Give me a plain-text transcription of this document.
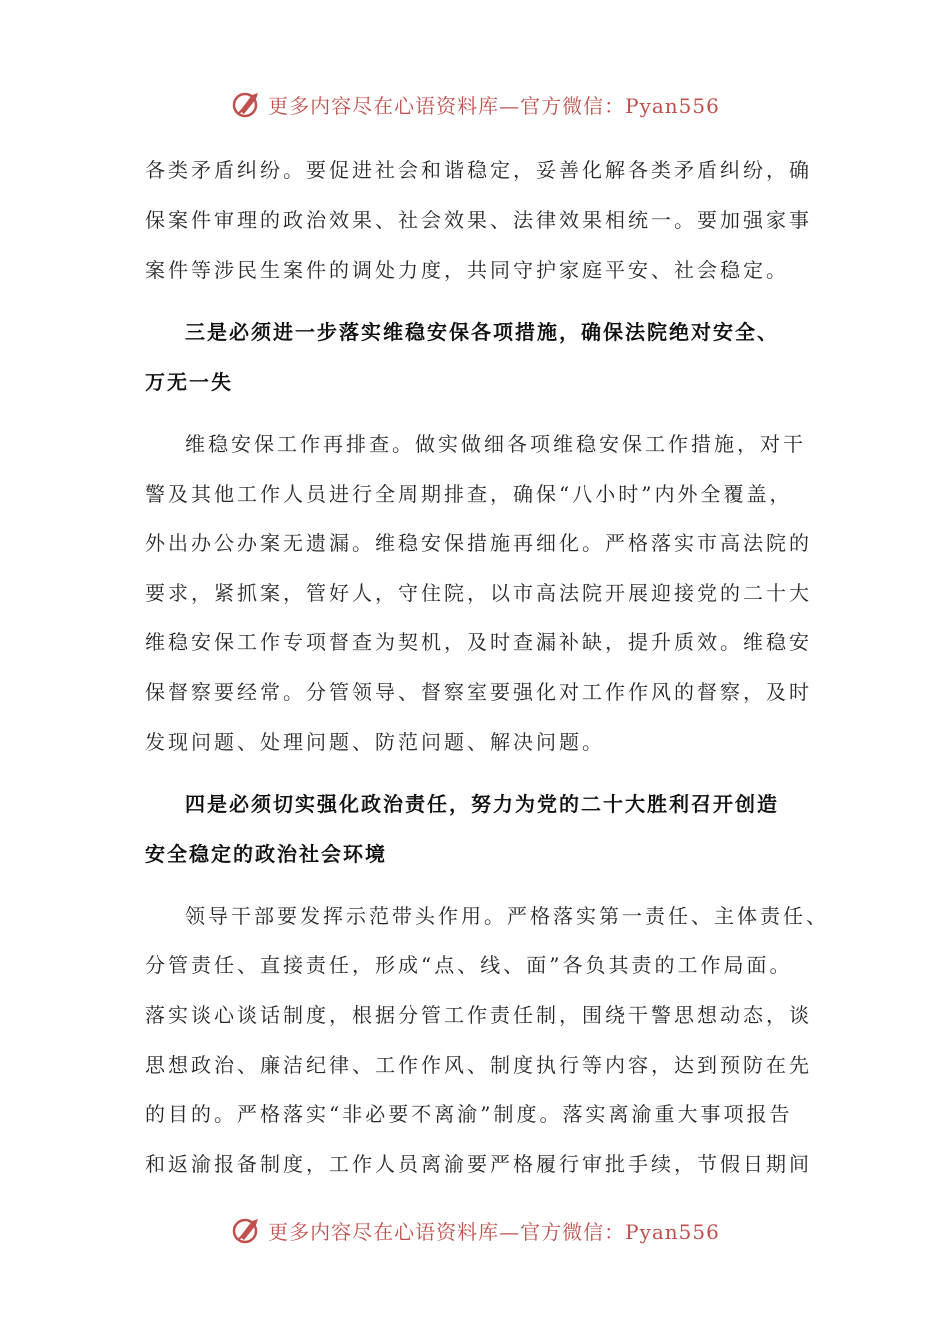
更多内容尽在心语资料库—官方微信：Pyan556
各类矛盾纠纷。要促进社会和谐稳定，妥善化解各类矛盾纠纷，确
保案件审理的政治效果、社会效果、法律效果相统一。要加强家事
案件等涉民生案件的调处力度，共同守护家庭平安、社会稳定。
三是必须进一步落实维稳安保各项措施，确保法院绝对安全、
万无一失
维稳安保工作再排查。做实做细各项维稳安保工作措施，对干
警及其他工作人员进行全周期排查，确保“八小时”内外全覆盖，
外出办公办案无遗漏。维稳安保措施再细化。严格落实市高法院的
要求，紧抓案，管好人，守住院，以市高法院开展迎接党的二十大
维稳安保工作专项督查为契机，及时查漏补缺，提升质效。维稳安
保督察要经常。分管领导、督察室要强化对工作作风的督察，及时
发现问题、处理问题、防范问题、解决问题。
四是必须切实强化政治责任，努力为党的二十大胜利召开创造
安全稳定的政治社会环境
领导干部要发挥示范带头作用。严格落实第一责任、主体责任、
分管责任、直接责任，形成“点、线、面”各负其责的工作局面。
落实谈心谈话制度，根据分管工作责任制，围绕干警思想动态，谈
思想政治、廉洁纪律、工作作风、制度执行等内容，达到预防在先
的目的。严格落实“非必要不离渝”制度。落实离渝重大事项报告
和返渝报备制度，工作人员离渝要严格履行审批手续，节假日期间
更多内容尽在心语资料库—官方微信：Pyan556
